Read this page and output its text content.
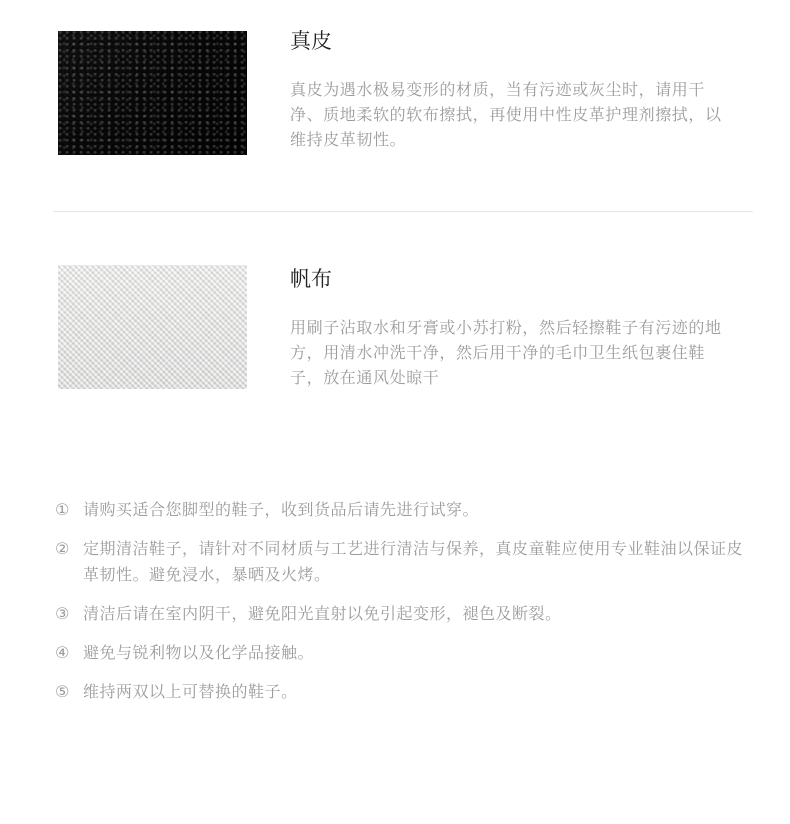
真皮
真皮为遇水极易变形的材质，当有污迹或灰尘时，请用干净、质地柔软的软布擦拭，再使用中性皮革护理剂擦拭，以维持皮革韧性。
帆布
用刷子沾取水和牙膏或小苏打粉，然后轻擦鞋子有污迹的地方，用清水冲洗干净，然后用干净的毛巾卫生纸包裹住鞋子，放在通风处晾干
① 请购买适合您脚型的鞋子，收到货品后请先进行试穿。
② 定期清洁鞋子，请针对不同材质与工艺进行清洁与保养，真皮童鞋应使用专业鞋油以保证皮革韧性。避免浸水，暴晒及火烤。
③ 清洁后请在室内阴干，避免阳光直射以免引起变形，褪色及断裂。
④ 避免与锐利物以及化学品接触。
⑤ 维持两双以上可替换的鞋子。
